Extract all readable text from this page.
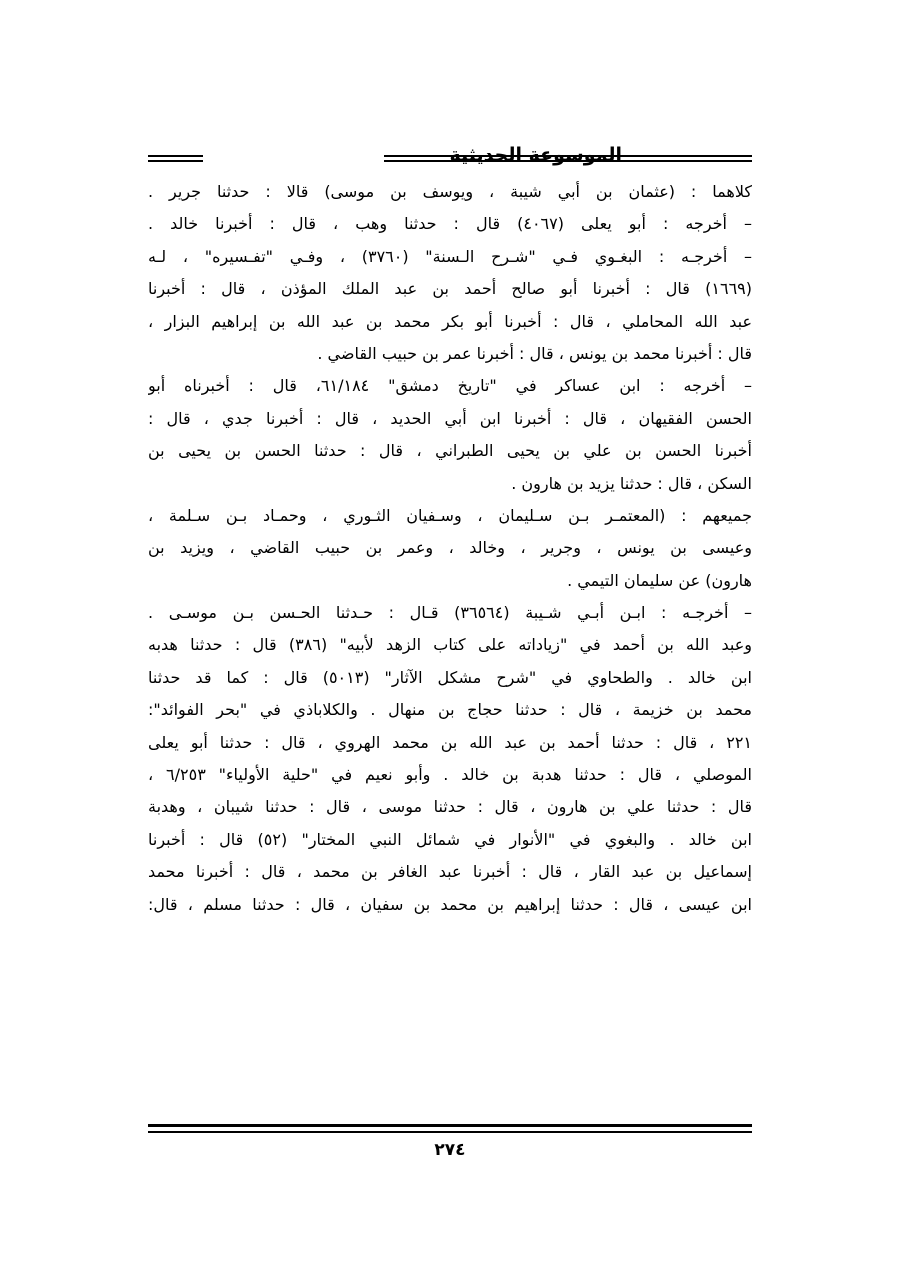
الموسوعة الحديثية
كلاهما : (عثمان بن أبي شيبة ، ويوسف بن موسى) قالا : حدثنا جرير .
– أخرجه : أبو يعلى (٤٠٦٧) قال : حدثنا وهب ، قال : أخبرنا خالد .
– أخرجـه : البغـوي فـي "شـرح الـسنة" (٣٧٦٠) ، وفـي "تفـسيره" ، لـه
(١٦٦٩) قال : أخبرنا أبو صالح أحمد بن عبد الملك المؤذن ، قال : أخبرنا
عبد الله المحاملي ، قال : أخبرنا أبو بكر محمد بن عبد الله بن إبراهيم البزار ،
قال : أخبرنا محمد بن يونس ، قال : أخبرنا عمر بن حبيب القاضي .
– أخرجه : ابن عساكر في "تاريخ دمشق" ٦١/١٨٤، قال : أخبرناه أبو
الحسن الفقيهان ، قال : أخبرنا ابن أبي الحديد ، قال : أخبرنا جدي ، قال :
أخبرنا الحسن بن علي بن يحيى الطبراني ، قال : حدثنا الحسن بن يحيى بن
السكن ، قال : حدثنا يزيد بن هارون .
جميعهم : (المعتمـر بـن سـليمان ، وسـفيان الثـوري ، وحمـاد بـن سـلمة ،
وعيسى بن يونس ، وجرير ، وخالد ، وعمر بن حبيب القاضي ، ويزيد بن
هارون) عن سليمان التيمي .
– أخرجـه : ابـن أبـي شـيبة (٣٦٥٦٤) قـال : حـدثنا الحـسن بـن موسـى .
وعبد الله بن أحمد في "زياداته على كتاب الزهد لأبيه" (٣٨٦) قال : حدثنا هدبه
ابن خالد . والطحاوي في "شرح مشكل الآثار" (٥٠١٣) قال : كما قد حدثنا
محمد بن خزيمة ، قال : حدثنا حجاج بن منهال . والكلاباذي في "بحر الفوائد":
٢٢١ ، قال : حدثنا أحمد بن عبد الله بن محمد الهروي ، قال : حدثنا أبو يعلى
الموصلي ، قال : حدثنا هدبة بن خالد . وأبو نعيم في "حلية الأولياء" ٦/٢٥٣ ،
قال : حدثنا علي بن هارون ، قال : حدثنا موسى ، قال : حدثنا شيبان ، وهدبة
ابن خالد . والبغوي في "الأنوار في شمائل النبي المختار" (٥٢) قال : أخبرنا
إسماعيل بن عبد القار ، قال : أخبرنا عبد الغافر بن محمد ، قال : أخبرنا محمد
ابن عيسى ، قال : حدثنا إبراهيم بن محمد بن سفيان ، قال : حدثنا مسلم ، قال:
٢٧٤
